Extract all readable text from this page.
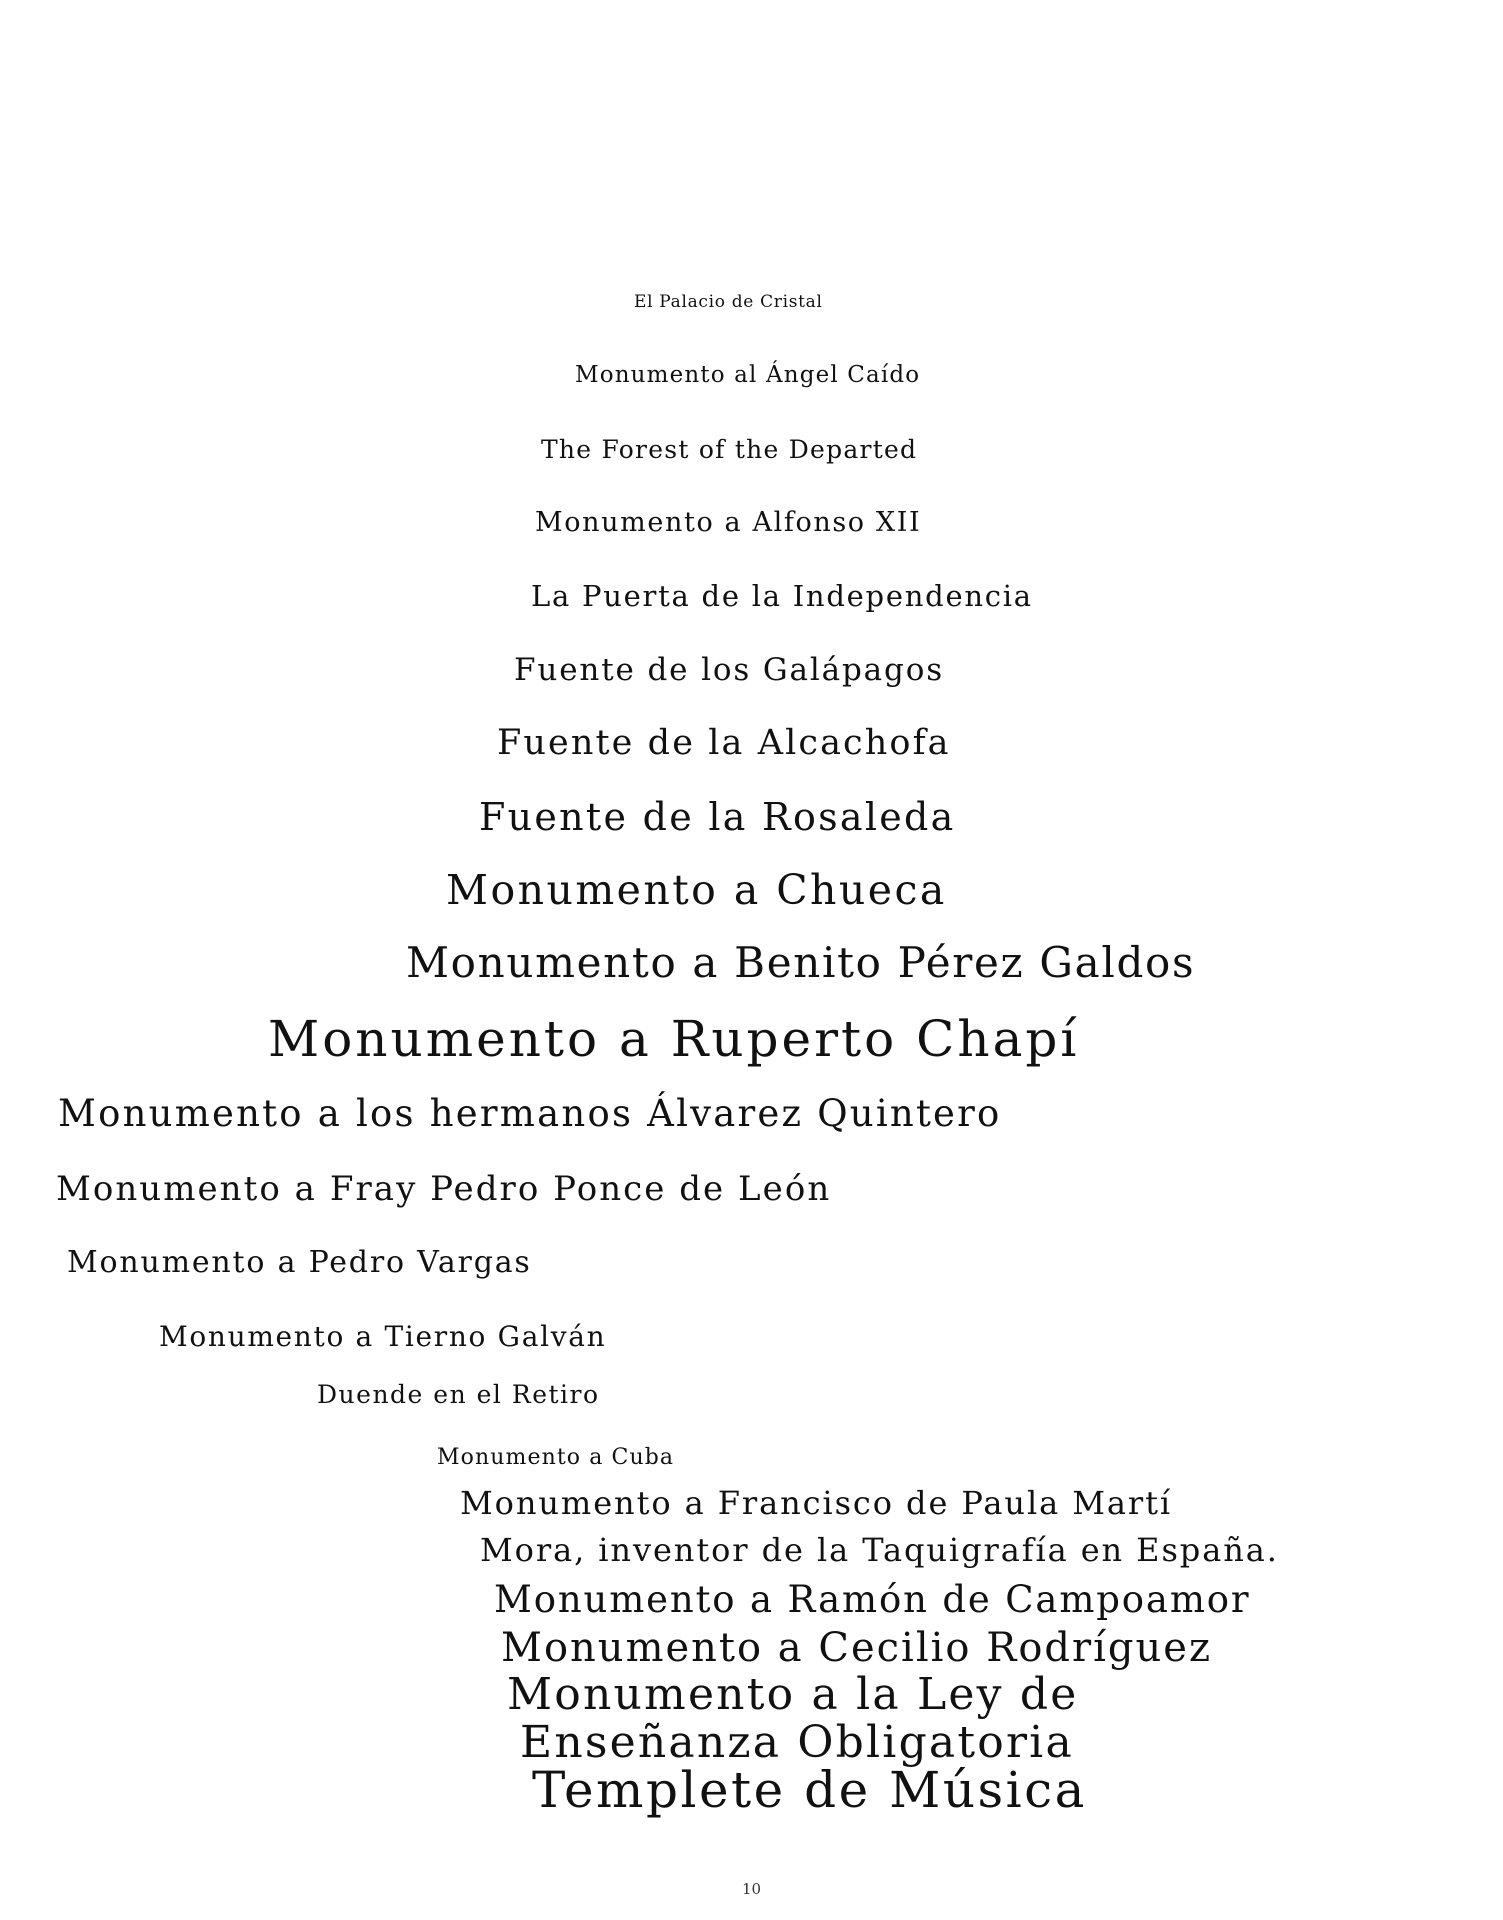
El Palacio de Cristal

Monumento al Ángel Caído

The Forest of the Departed

Monumento a Alfonso XII

La Puerta de la Independencia

Fuente de los Galápagos

Fuente de la Alcachofa

Fuente de la Rosaleda

Monumento a Chueca

Monumento a Benito Pérez Galdos

Monumento a Ruperto Chapí

Monumento a los hermanos Álvarez Quintero

Monumento a Fray Pedro Ponce de León

Monumento a Pedro Vargas

Monumento a Tierno Galván

Duende en el Retiro

Monumento a Cuba

Monumento a Francisco de Paula Martí

Mora, inventor de la Taquigrafía en España.

Monumento a Ramón de Campoamor

Monumento a Cecilio Rodríguez

Monumento a la Ley de

Enseñanza Obligatoria

Templete de Música

10
